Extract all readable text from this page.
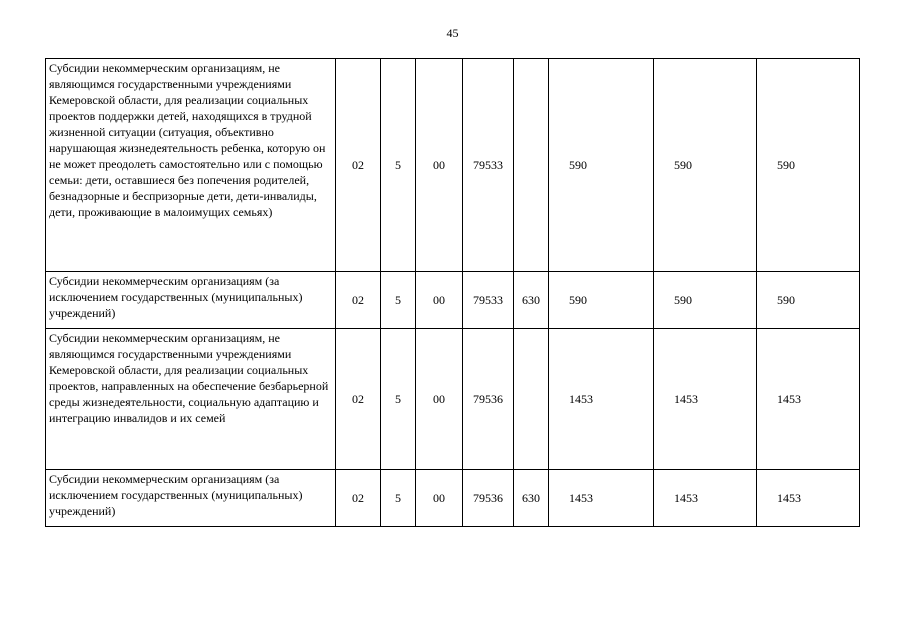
45
Субсидии некоммерческим организациям, не являющимся государственными учреждениями Кемеровской области, для реализации социальных проектов поддержки детей, находящихся в трудной жизненной ситуации (ситуация, объективно нарушающая жизнедеятельность ребенка, которую он не может преодолеть самостоятельно или с помощью семьи: дети, оставшиеся без попечения родителей, безнадзорные и беспризорные дети, дети-инвалиды, дети, проживающие в малоимущих семьях)	02	5	00	79533		590	590	590
Субсидии некоммерческим организациям (за исключением государственных (муниципальных) учреждений)	02	5	00	79533	630	590	590	590
Субсидии некоммерческим организациям, не являющимся государственными учреждениями Кемеровской области, для реализации социальных проектов, направленных на обеспечение безбарьерной среды жизнедеятельности, социальную адаптацию и интеграцию инвалидов и их семей	02	5	00	79536		1453	1453	1453
Субсидии некоммерческим организациям (за исключением государственных (муниципальных) учреждений)	02	5	00	79536	630	1453	1453	1453
